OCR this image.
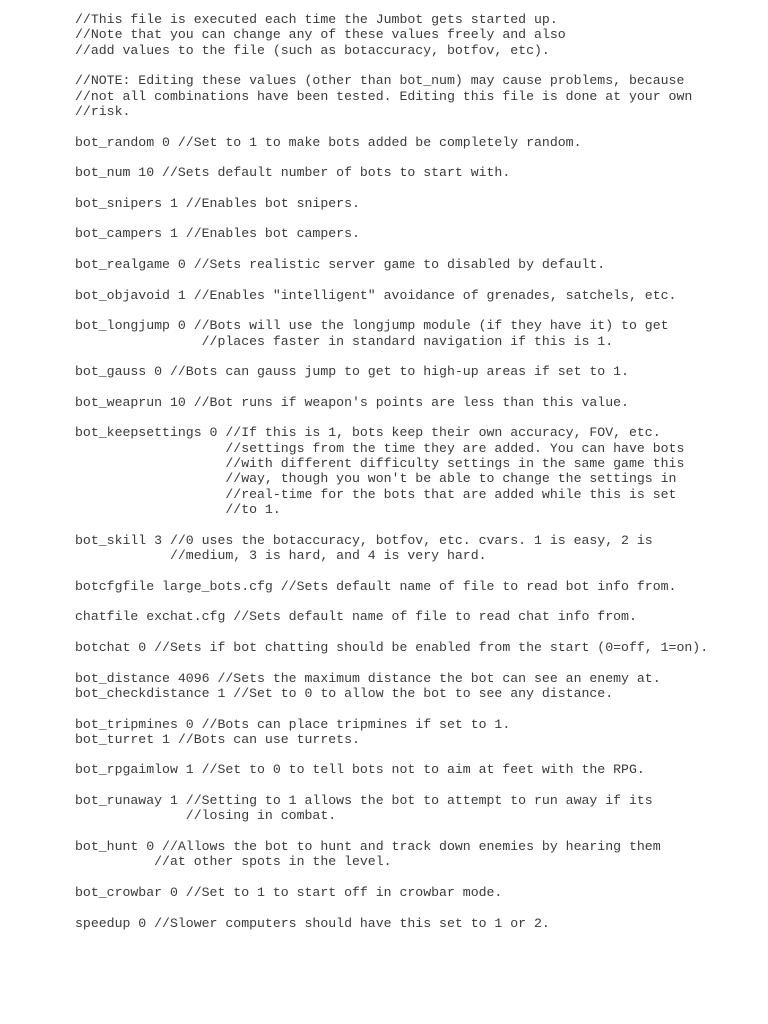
//This file is executed each time the Jumbot gets started up.
//Note that you can change any of these values freely and also
//add values to the file (such as botaccuracy, botfov, etc).
//NOTE: Editing these values (other than bot_num) may cause problems, because
//not all combinations have been tested. Editing this file is done at your own
//risk.
bot_random 0 //Set to 1 to make bots added be completely random.
bot_num 10 //Sets default number of bots to start with.
bot_snipers 1 //Enables bot snipers.
bot_campers 1 //Enables bot campers.
bot_realgame 0 //Sets realistic server game to disabled by default.
bot_objavoid 1 //Enables "intelligent" avoidance of grenades, satchels, etc.
bot_longjump 0 //Bots will use the longjump module (if they have it) to get
//places faster in standard navigation if this is 1.
bot_gauss 0 //Bots can gauss jump to get to high-up areas if set to 1.
bot_weaprun 10 //Bot runs if weapon's points are less than this value.
bot_keepsettings 0 //If this is 1, bots keep their own accuracy, FOV, etc.
//settings from the time they are added. You can have bots
//with different difficulty settings in the same game this
//way, though you won't be able to change the settings in
//real-time for the bots that are added while this is set
//to 1.
bot_skill 3 //0 uses the botaccuracy, botfov, etc. cvars. 1 is easy, 2 is
//medium, 3 is hard, and 4 is very hard.
botcfgfile large_bots.cfg //Sets default name of file to read bot info from.
chatfile exchat.cfg //Sets default name of file to read chat info from.
botchat 0 //Sets if bot chatting should be enabled from the start (0=off, 1=on).
bot_distance 4096 //Sets the maximum distance the bot can see an enemy at.
bot_checkdistance 1 //Set to 0 to allow the bot to see any distance.
bot_tripmines 0 //Bots can place tripmines if set to 1.
bot_turret 1 //Bots can use turrets.
bot_rpgaimlow 1 //Set to 0 to tell bots not to aim at feet with the RPG.
bot_runaway 1 //Setting to 1 allows the bot to attempt to run away if its
//losing in combat.
bot_hunt 0 //Allows the bot to hunt and track down enemies by hearing them
//at other spots in the level.
bot_crowbar 0 //Set to 1 to start off in crowbar mode.
speedup 0 //Slower computers should have this set to 1 or 2.
